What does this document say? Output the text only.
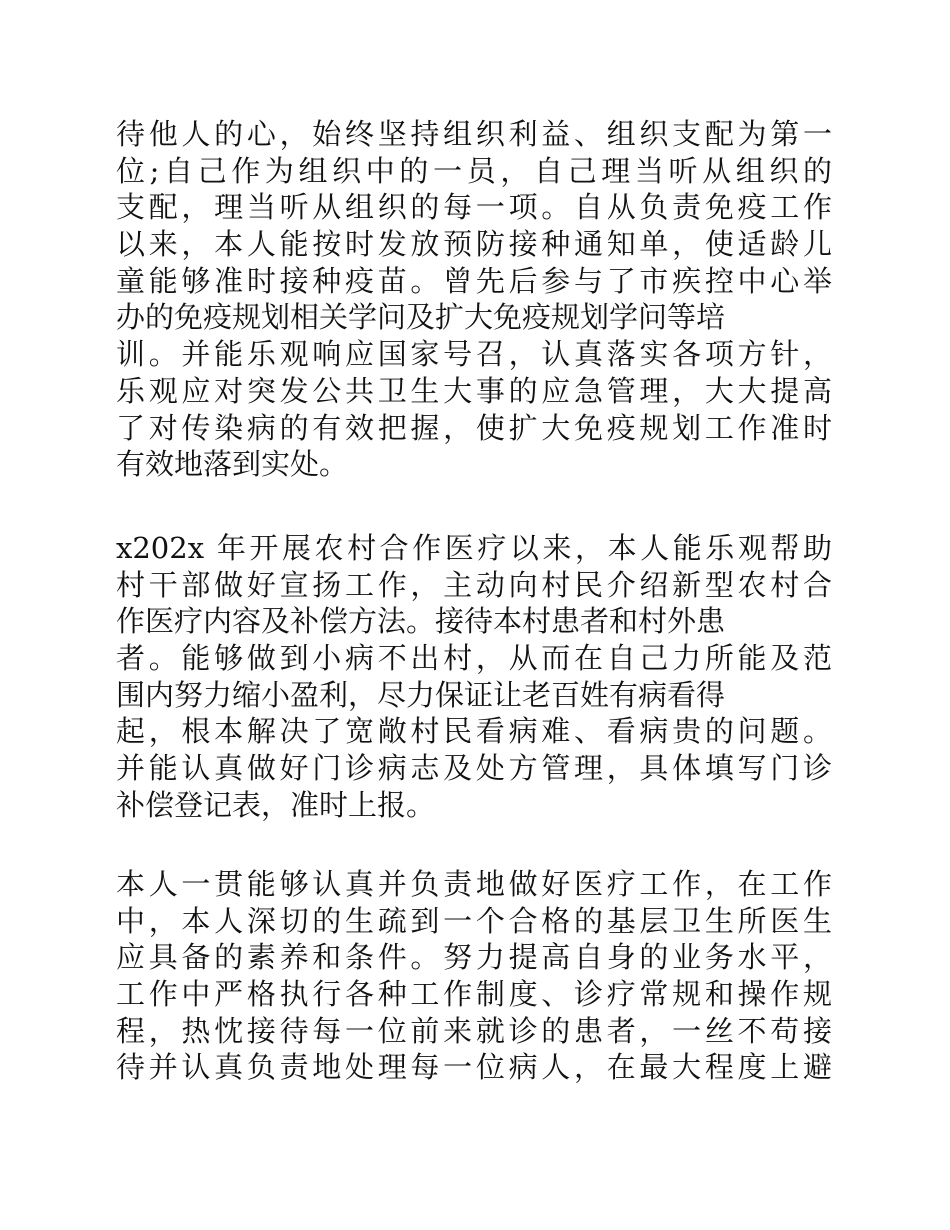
待他人的心，始终坚持组织利益、组织支配为第一
位;自己作为组织中的一员，自己理当听从组织的
支配，理当听从组织的每一项。自从负责免疫工作
以来，本人能按时发放预防接种通知单，使适龄儿
童能够准时接种疫苗。曾先后参与了市疾控中心举
办的免疫规划相关学问及扩大免疫规划学问等培
训。并能乐观响应国家号召，认真落实各项方针，
乐观应对突发公共卫生大事的应急管理，大大提高
了对传染病的有效把握，使扩大免疫规划工作准时
有效地落到实处。
x202x 年开展农村合作医疗以来，本人能乐观帮助
村干部做好宣扬工作，主动向村民介绍新型农村合
作医疗内容及补偿方法。接待本村患者和村外患
者。能够做到小病不出村，从而在自己力所能及范
围内努力缩小盈利，尽力保证让老百姓有病看得
起，根本解决了宽敞村民看病难、看病贵的问题。
并能认真做好门诊病志及处方管理，具体填写门诊
补偿登记表，准时上报。
本人一贯能够认真并负责地做好医疗工作，在工作
中，本人深切的生疏到一个合格的基层卫生所医生
应具备的素养和条件。努力提高自身的业务水平，
工作中严格执行各种工作制度、诊疗常规和操作规
程，热忱接待每一位前来就诊的患者，一丝不苟接
待并认真负责地处理每一位病人，在最大程度上避
